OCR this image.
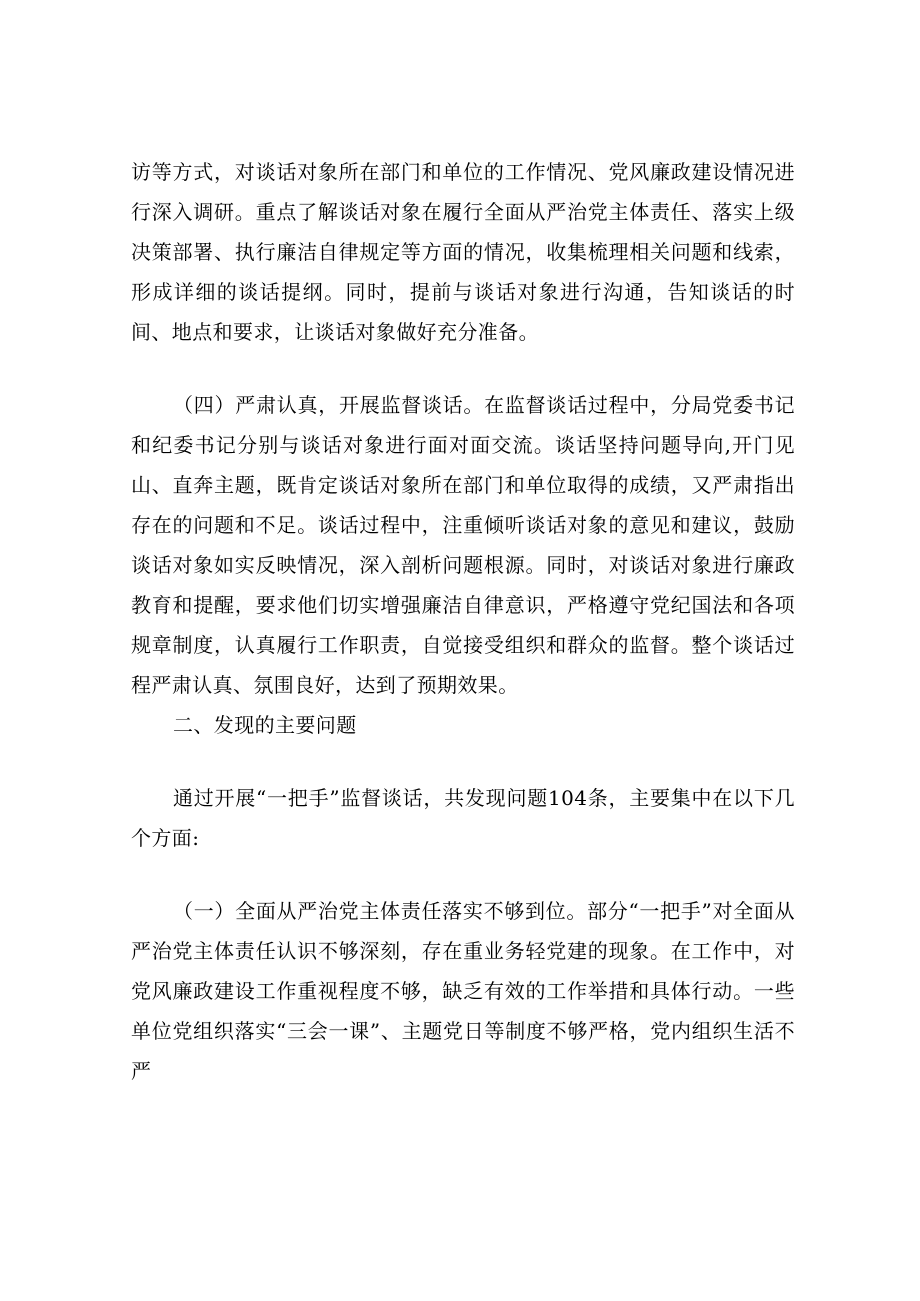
访等方式，对谈话对象所在部门和单位的工作情况、党风廉政建设情况进行深入调研。重点了解谈话对象在履行全面从严治党主体责任、落实上级决策部署、执行廉洁自律规定等方面的情况，收集梳理相关问题和线索，形成详细的谈话提纲。同时，提前与谈话对象进行沟通，告知谈话的时间、地点和要求，让谈话对象做好充分准备。

（四）严肃认真，开展监督谈话。在监督谈话过程中，分局党委书记和纪委书记分别与谈话对象进行面对面交流。谈话坚持问题导向,开门见山、直奔主题，既肯定谈话对象所在部门和单位取得的成绩，又严肃指出存在的问题和不足。谈话过程中，注重倾听谈话对象的意见和建议，鼓励谈话对象如实反映情况，深入剖析问题根源。同时，对谈话对象进行廉政教育和提醒，要求他们切实增强廉洁自律意识，严格遵守党纪国法和各项规章制度，认真履行工作职责，自觉接受组织和群众的监督。整个谈话过程严肃认真、氛围良好，达到了预期效果。

二、发现的主要问题

通过开展“一把手”监督谈话，共发现问题104条，主要集中在以下几个方面:

（一）全面从严治党主体责任落实不够到位。部分“一把手”对全面从严治党主体责任认识不够深刻，存在重业务轻党建的现象。在工作中，对党风廉政建设工作重视程度不够，缺乏有效的工作举措和具体行动。一些单位党组织落实“三会一课”、主题党日等制度不够严格，党内组织生活不严
